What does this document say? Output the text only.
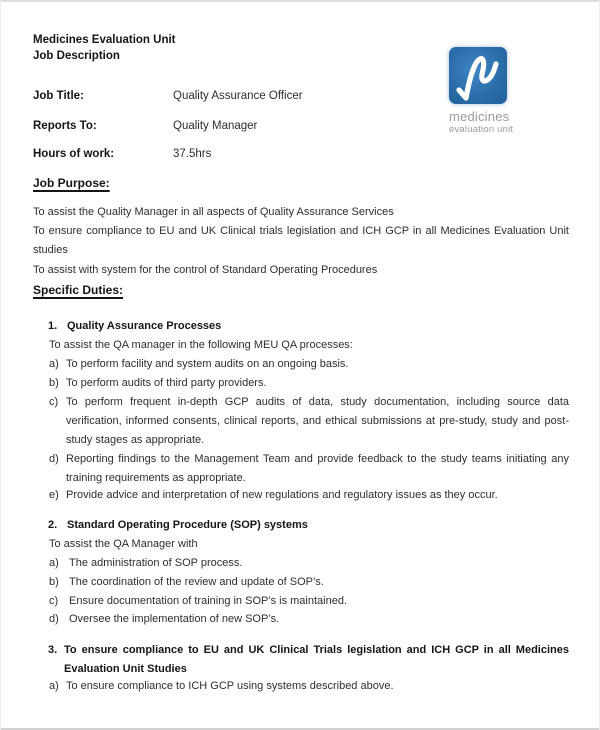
Medicines Evaluation Unit
Job Description
medicines
evaluation unit
Job Title:	Quality Assurance Officer
Reports To:	Quality Manager
Hours of work:	37.5hrs
Job Purpose:
To assist the Quality Manager in all aspects of Quality Assurance Services
To ensure compliance to EU and UK Clinical trials legislation and ICH GCP in all Medicines Evaluation Unit studies
To assist with system for the control of Standard Operating Procedures
Specific Duties:
1. Quality Assurance Processes
To assist the QA manager in the following MEU QA processes:
a) To perform facility and system audits on an ongoing basis.
b) To perform audits of third party providers.
c) To perform frequent in-depth GCP audits of data, study documentation, including source data verification, informed consents, clinical reports, and ethical submissions at pre-study, study and post-study stages as appropriate.
d) Reporting findings to the Management Team and provide feedback to the study teams initiating any training requirements as appropriate.
e) Provide advice and interpretation of new regulations and regulatory issues as they occur.
2. Standard Operating Procedure (SOP) systems
To assist the QA Manager with
a) The administration of SOP process.
b) The coordination of the review and update of SOP’s.
c) Ensure documentation of training in SOP’s is maintained.
d) Oversee the implementation of new SOP’s.
3. To ensure compliance to EU and UK Clinical Trials legislation and ICH GCP in all Medicines Evaluation Unit Studies
a) To ensure compliance to ICH GCP using systems described above.
